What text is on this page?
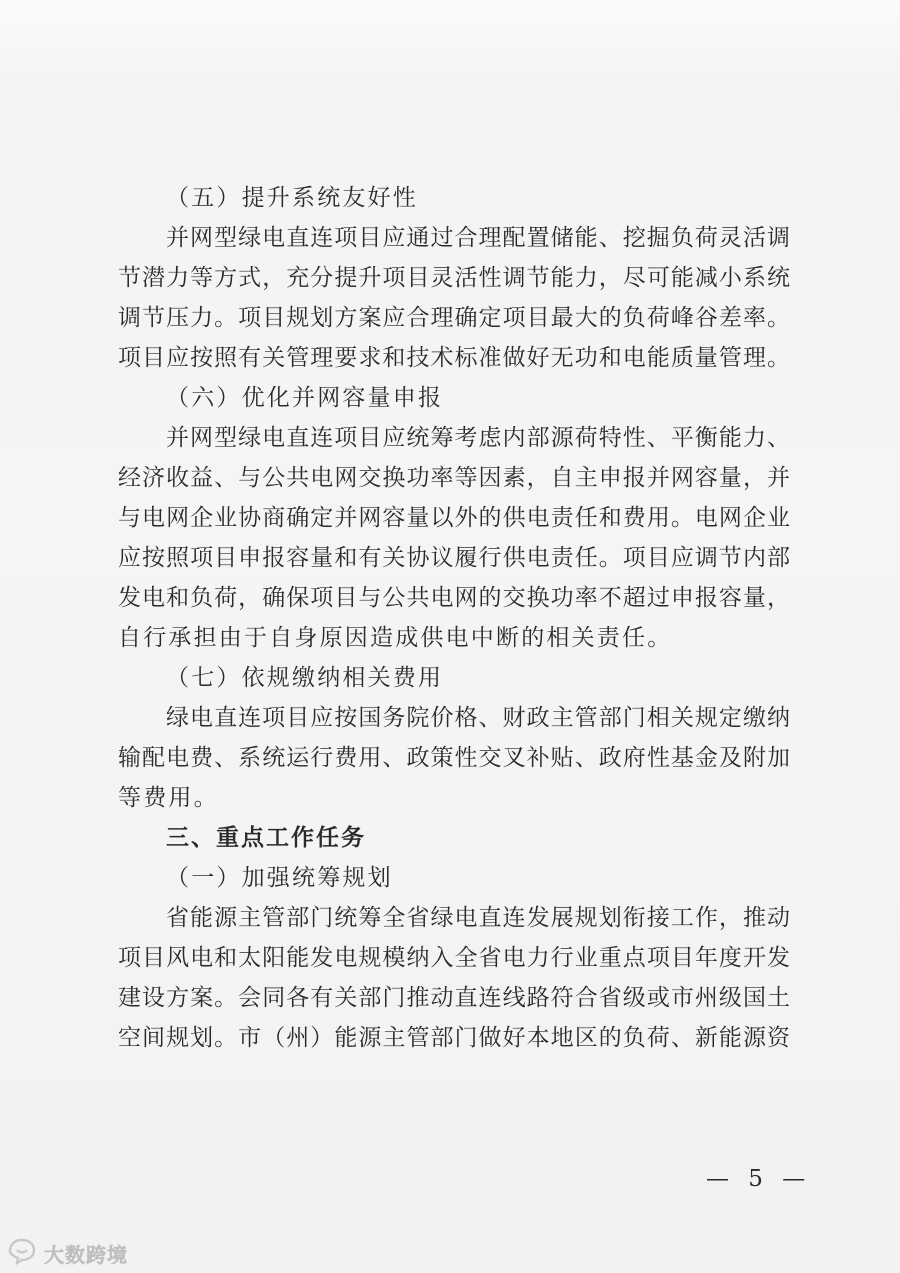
（五）提升系统友好性
并网型绿电直连项目应通过合理配置储能、挖掘负荷灵活调
节潜力等方式，充分提升项目灵活性调节能力，尽可能减小系统
调节压力。项目规划方案应合理确定项目最大的负荷峰谷差率。
项目应按照有关管理要求和技术标准做好无功和电能质量管理。
（六）优化并网容量申报
并网型绿电直连项目应统筹考虑内部源荷特性、平衡能力、
经济收益、与公共电网交换功率等因素，自主申报并网容量，并
与电网企业协商确定并网容量以外的供电责任和费用。电网企业
应按照项目申报容量和有关协议履行供电责任。项目应调节内部
发电和负荷，确保项目与公共电网的交换功率不超过申报容量，
自行承担由于自身原因造成供电中断的相关责任。
（七）依规缴纳相关费用
绿电直连项目应按国务院价格、财政主管部门相关规定缴纳
输配电费、系统运行费用、政策性交叉补贴、政府性基金及附加
等费用。
三、重点工作任务
（一）加强统筹规划
省能源主管部门统筹全省绿电直连发展规划衔接工作，推动
项目风电和太阳能发电规模纳入全省电力行业重点项目年度开发
建设方案。会同各有关部门推动直连线路符合省级或市州级国土
空间规划。市（州）能源主管部门做好本地区的负荷、新能源资
— 5 —
大数跨境
